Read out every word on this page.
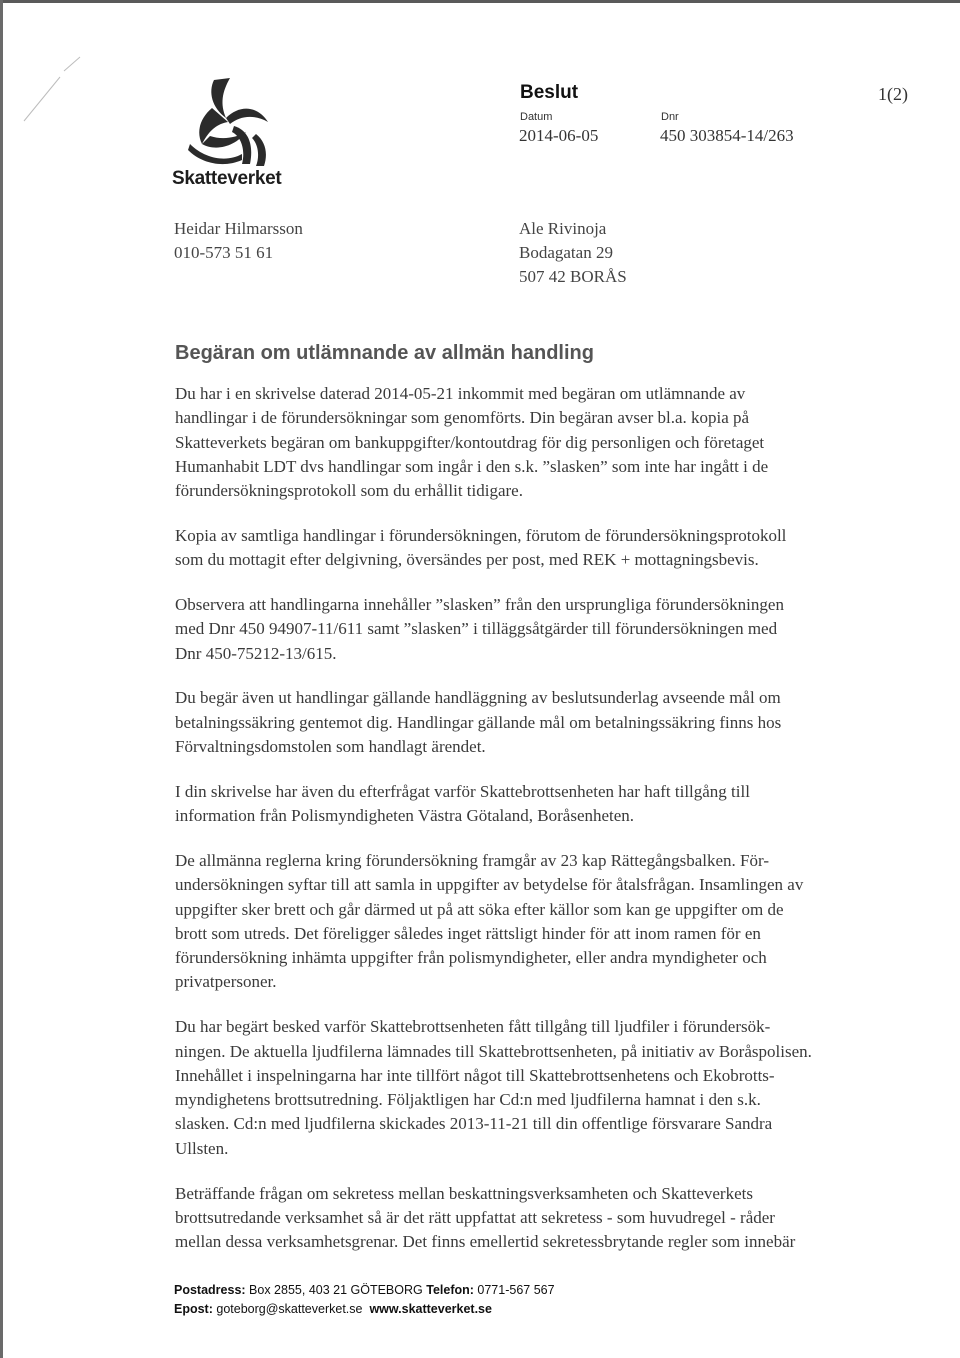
Skatteverket
Beslut	1(2)
Datum	Dnr
2014-06-05	450 303854-14/263
Heidar Hilmarsson
010-573 51 61
Ale Rivinoja
Bodagatan 29
507 42 BORÅS
Begäran om utlämnande av allmän handling

Du har i en skrivelse daterad 2014-05-21 inkommit med begäran om utlämnande av
handlingar i de förundersökningar som genomförts. Din begäran avser bl.a. kopia på
Skatteverkets begäran om bankuppgifter/kontoutdrag för dig personligen och företaget
Humanhabit LDT dvs handlingar som ingår i den s.k. ”slasken” som inte har ingått i de
förundersökningsprotokoll som du erhållit tidigare.

Kopia av samtliga handlingar i förundersökningen, förutom de förundersökningsprotokoll
som du mottagit efter delgivning, översändes per post, med REK + mottagningsbevis.

Observera att handlingarna innehåller ”slasken” från den ursprungliga förundersökningen
med Dnr 450 94907-11/611 samt ”slasken” i tilläggsåtgärder till förundersökningen med
Dnr 450-75212-13/615.

Du begär även ut handlingar gällande handläggning av beslutsunderlag avseende mål om
betalningssäkring gentemot dig. Handlingar gällande mål om betalningssäkring finns hos
Förvaltningsdomstolen som handlagt ärendet.

I din skrivelse har även du efterfrågat varför Skattebrottsenheten har haft tillgång till
information från Polismyndigheten Västra Götaland, Boråsenheten.

De allmänna reglerna kring förundersökning framgår av 23 kap Rättegångsbalken. För-
undersökningen syftar till att samla in uppgifter av betydelse för åtalsfrågan. Insamlingen av
uppgifter sker brett och går därmed ut på att söka efter källor som kan ge uppgifter om de
brott som utreds. Det föreligger således inget rättsligt hinder för att inom ramen för en
förundersökning inhämta uppgifter från polismyndigheter, eller andra myndigheter och
privatpersoner.

Du har begärt besked varför Skattebrottsenheten fått tillgång till ljudfiler i förundersök-
ningen. De aktuella ljudfilerna lämnades till Skattebrottsenheten, på initiativ av Boråspolisen.
Innehållet i inspelningarna har inte tillfört något till Skattebrottsenhetens och Ekobrotts-
myndighetens brottsutredning. Följaktligen har Cd:n med ljudfilerna hamnat i den s.k.
slasken. Cd:n med ljudfilerna skickades 2013-11-21 till din offentlige försvarare Sandra
Ullsten.

Beträffande frågan om sekretess mellan beskattningsverksamheten och Skatteverkets
brottsutredande verksamhet så är det rätt uppfattat att sekretess - som huvudregel - råder
mellan dessa verksamhetsgrenar. Det finns emellertid sekretessbrytande regler som innebär

Postadress: Box 2855, 403 21 GÖTEBORG Telefon: 0771-567 567
Epost: goteborg@skatteverket.se www.skatteverket.se
